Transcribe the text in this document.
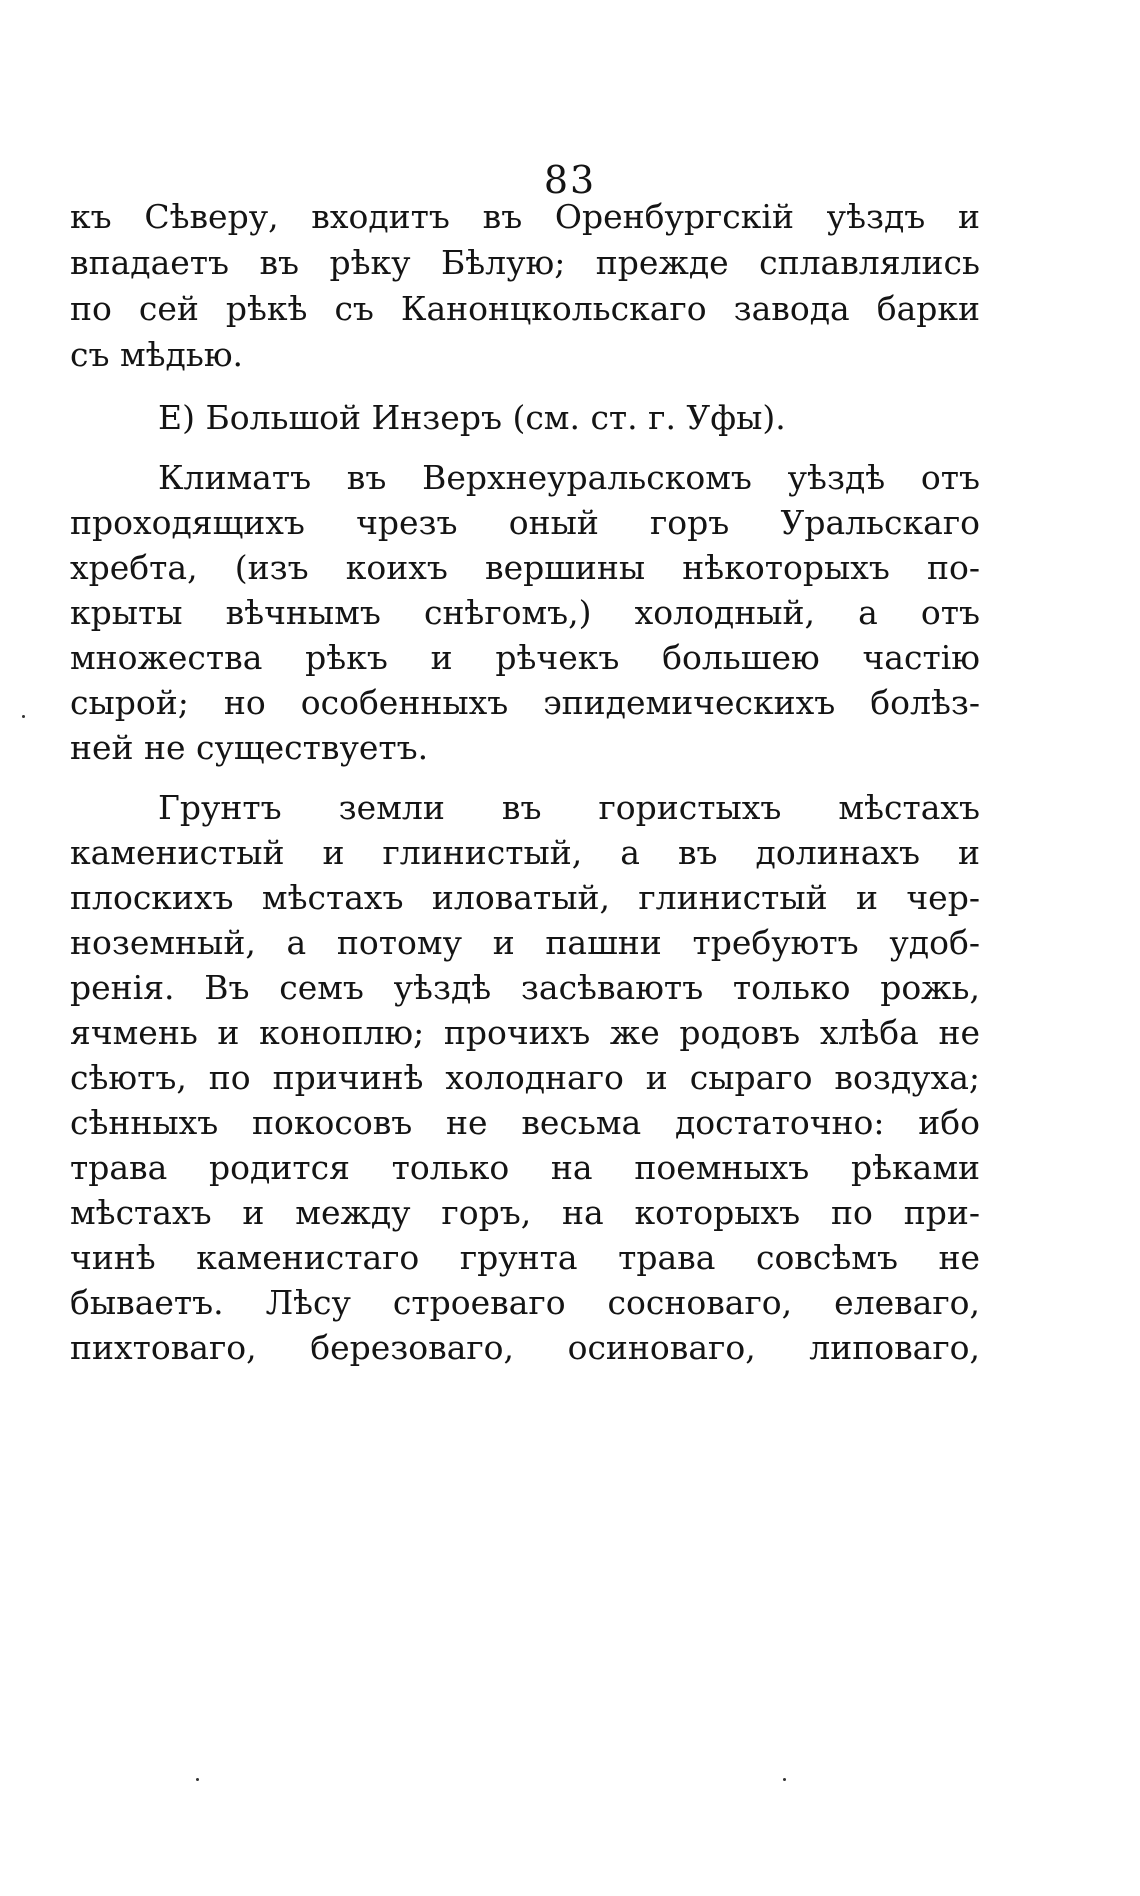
83
къ Сѣверу, входитъ въ Оренбургскій уѣздъ и
впадаетъ въ рѣку Бѣлую; прежде сплавлялись
по сей рѣкѣ съ Канонцкольскаго завода барки
съ мѣдью.
Е) Большой Инзеръ (см. ст. г. Уфы).
Климатъ въ Верхнеуральскомъ уѣздѣ отъ
проходящихъ чрезъ оный горъ Уральскаго
хребта, (изъ коихъ вершины нѣкоторыхъ по-
крыты вѣчнымъ снѣгомъ,) холодный, а отъ
множества рѣкъ и рѣчекъ большею частію
сырой; но особенныхъ эпидемическихъ болѣз-
ней не существуетъ.
Грунтъ земли въ гористыхъ мѣстахъ
каменистый и глинистый, а въ долинахъ и
плоскихъ мѣстахъ иловатый, глинистый и чер-
ноземный, а потому и пашни требуютъ удоб-
ренія. Въ семъ уѣздѣ засѣваютъ только рожь,
ячмень и коноплю; прочихъ же родовъ хлѣба не
сѣютъ, по причинѣ холоднаго и сыраго воздуха;
сѣнныхъ покосовъ не весьма достаточно: ибо
трава родится только на поемныхъ рѣками
мѣстахъ и между горъ, на которыхъ по при-
чинѣ каменистаго грунта трава совсѣмъ не
бываетъ. Лѣсу строеваго сосноваго, елеваго,
пихтоваго, березоваго, осиноваго, липоваго,
